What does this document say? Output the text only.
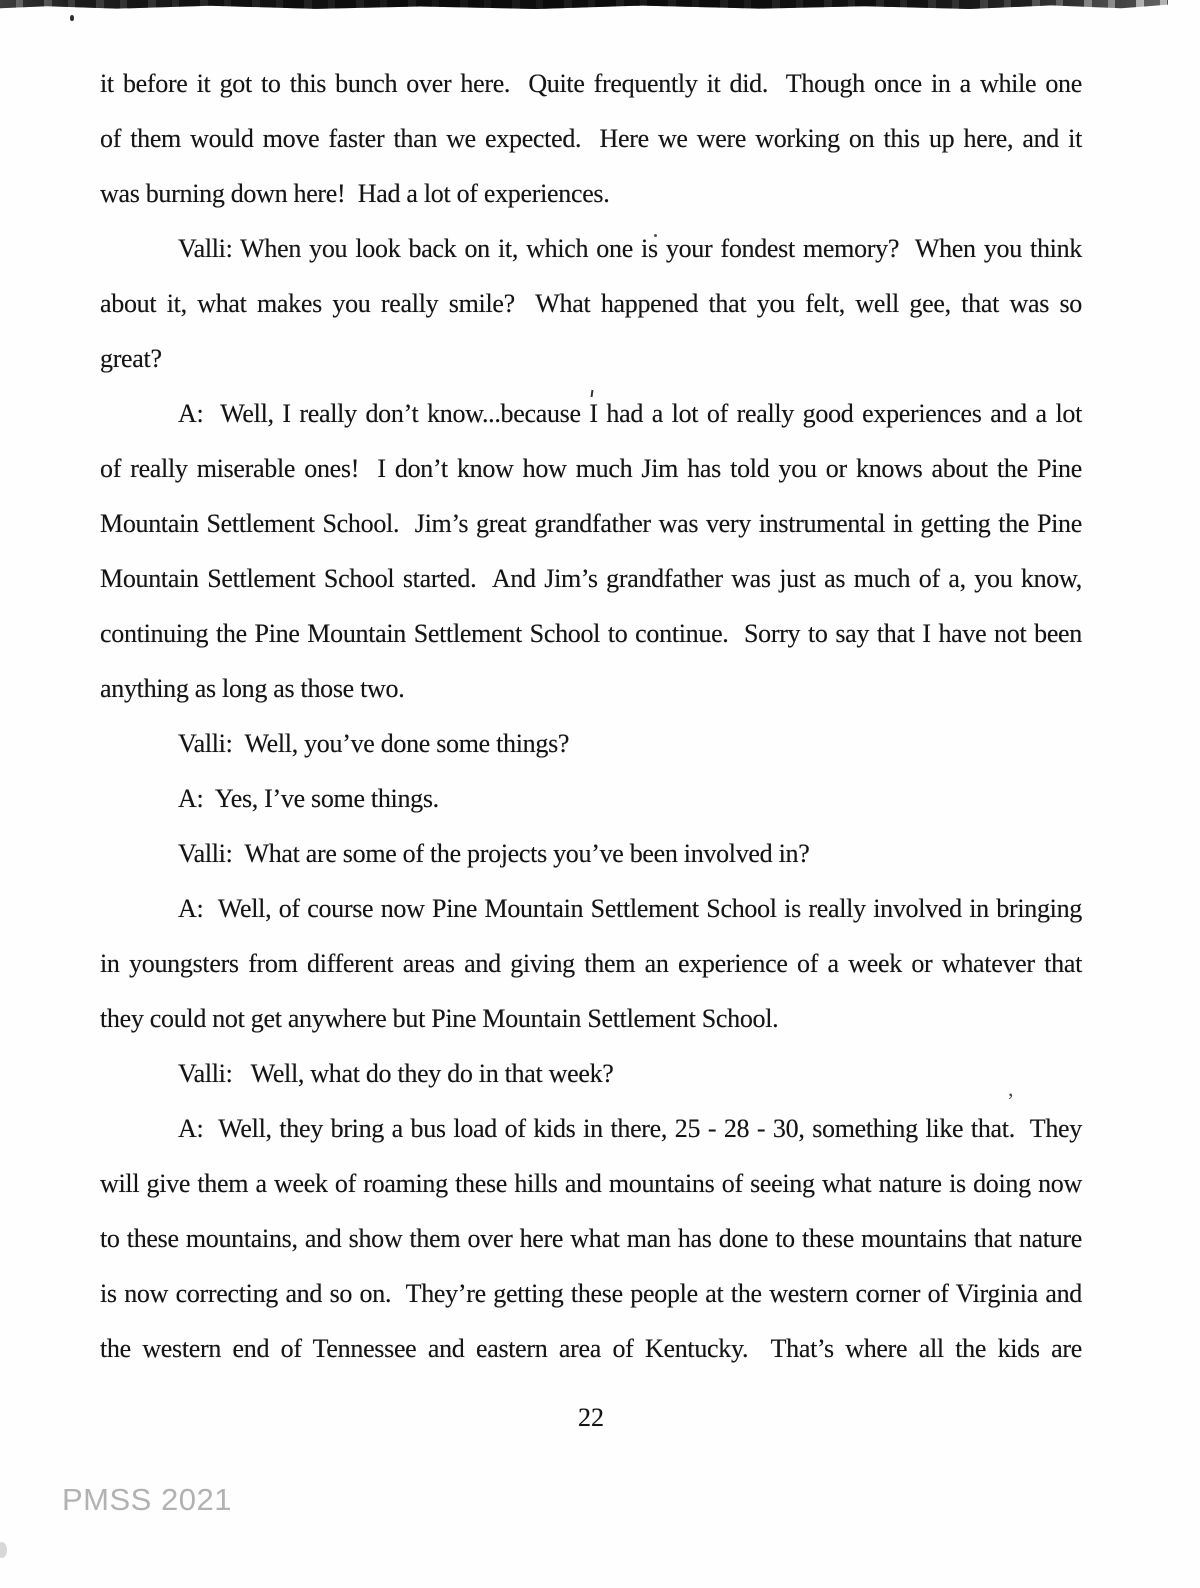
,
it before it got to this bunch over here.  Quite frequently it did.  Though once in a while one
of them would move faster than we expected.  Here we were working on this up here, and it
was burning down here!  Had a lot of experiences.
Valli: When you look back on it, which one is your fondest memory?  When you think
about it, what makes you really smile?  What happened that you felt, well gee, that was so
great?
A:  Well, I really don’t know...because I had a lot of really good experiences and a lot
of really miserable ones!  I don’t know how much Jim has told you or knows about the Pine
Mountain Settlement School.  Jim’s great grandfather was very instrumental in getting the Pine
Mountain Settlement School started.  And Jim’s grandfather was just as much of a, you know,
continuing the Pine Mountain Settlement School to continue.  Sorry to say that I have not been
anything as long as those two.
Valli:  Well, you’ve done some things?
A:  Yes, I’ve some things.
Valli:  What are some of the projects you’ve been involved in?
A:  Well, of course now Pine Mountain Settlement School is really involved in bringing
in youngsters from different areas and giving them an experience of a week or whatever that
they could not get anywhere but Pine Mountain Settlement School.
Valli:   Well, what do they do in that week?
A:  Well, they bring a bus load of kids in there, 25 - 28 - 30, something like that.  They
will give them a week of roaming these hills and mountains of seeing what nature is doing now
to these mountains, and show them over here what man has done to these mountains that nature
is now correcting and so on.  They’re getting these people at the western corner of Virginia and
the western end of Tennessee and eastern area of Kentucky.  That’s where all the kids are
22
PMSS 2021
